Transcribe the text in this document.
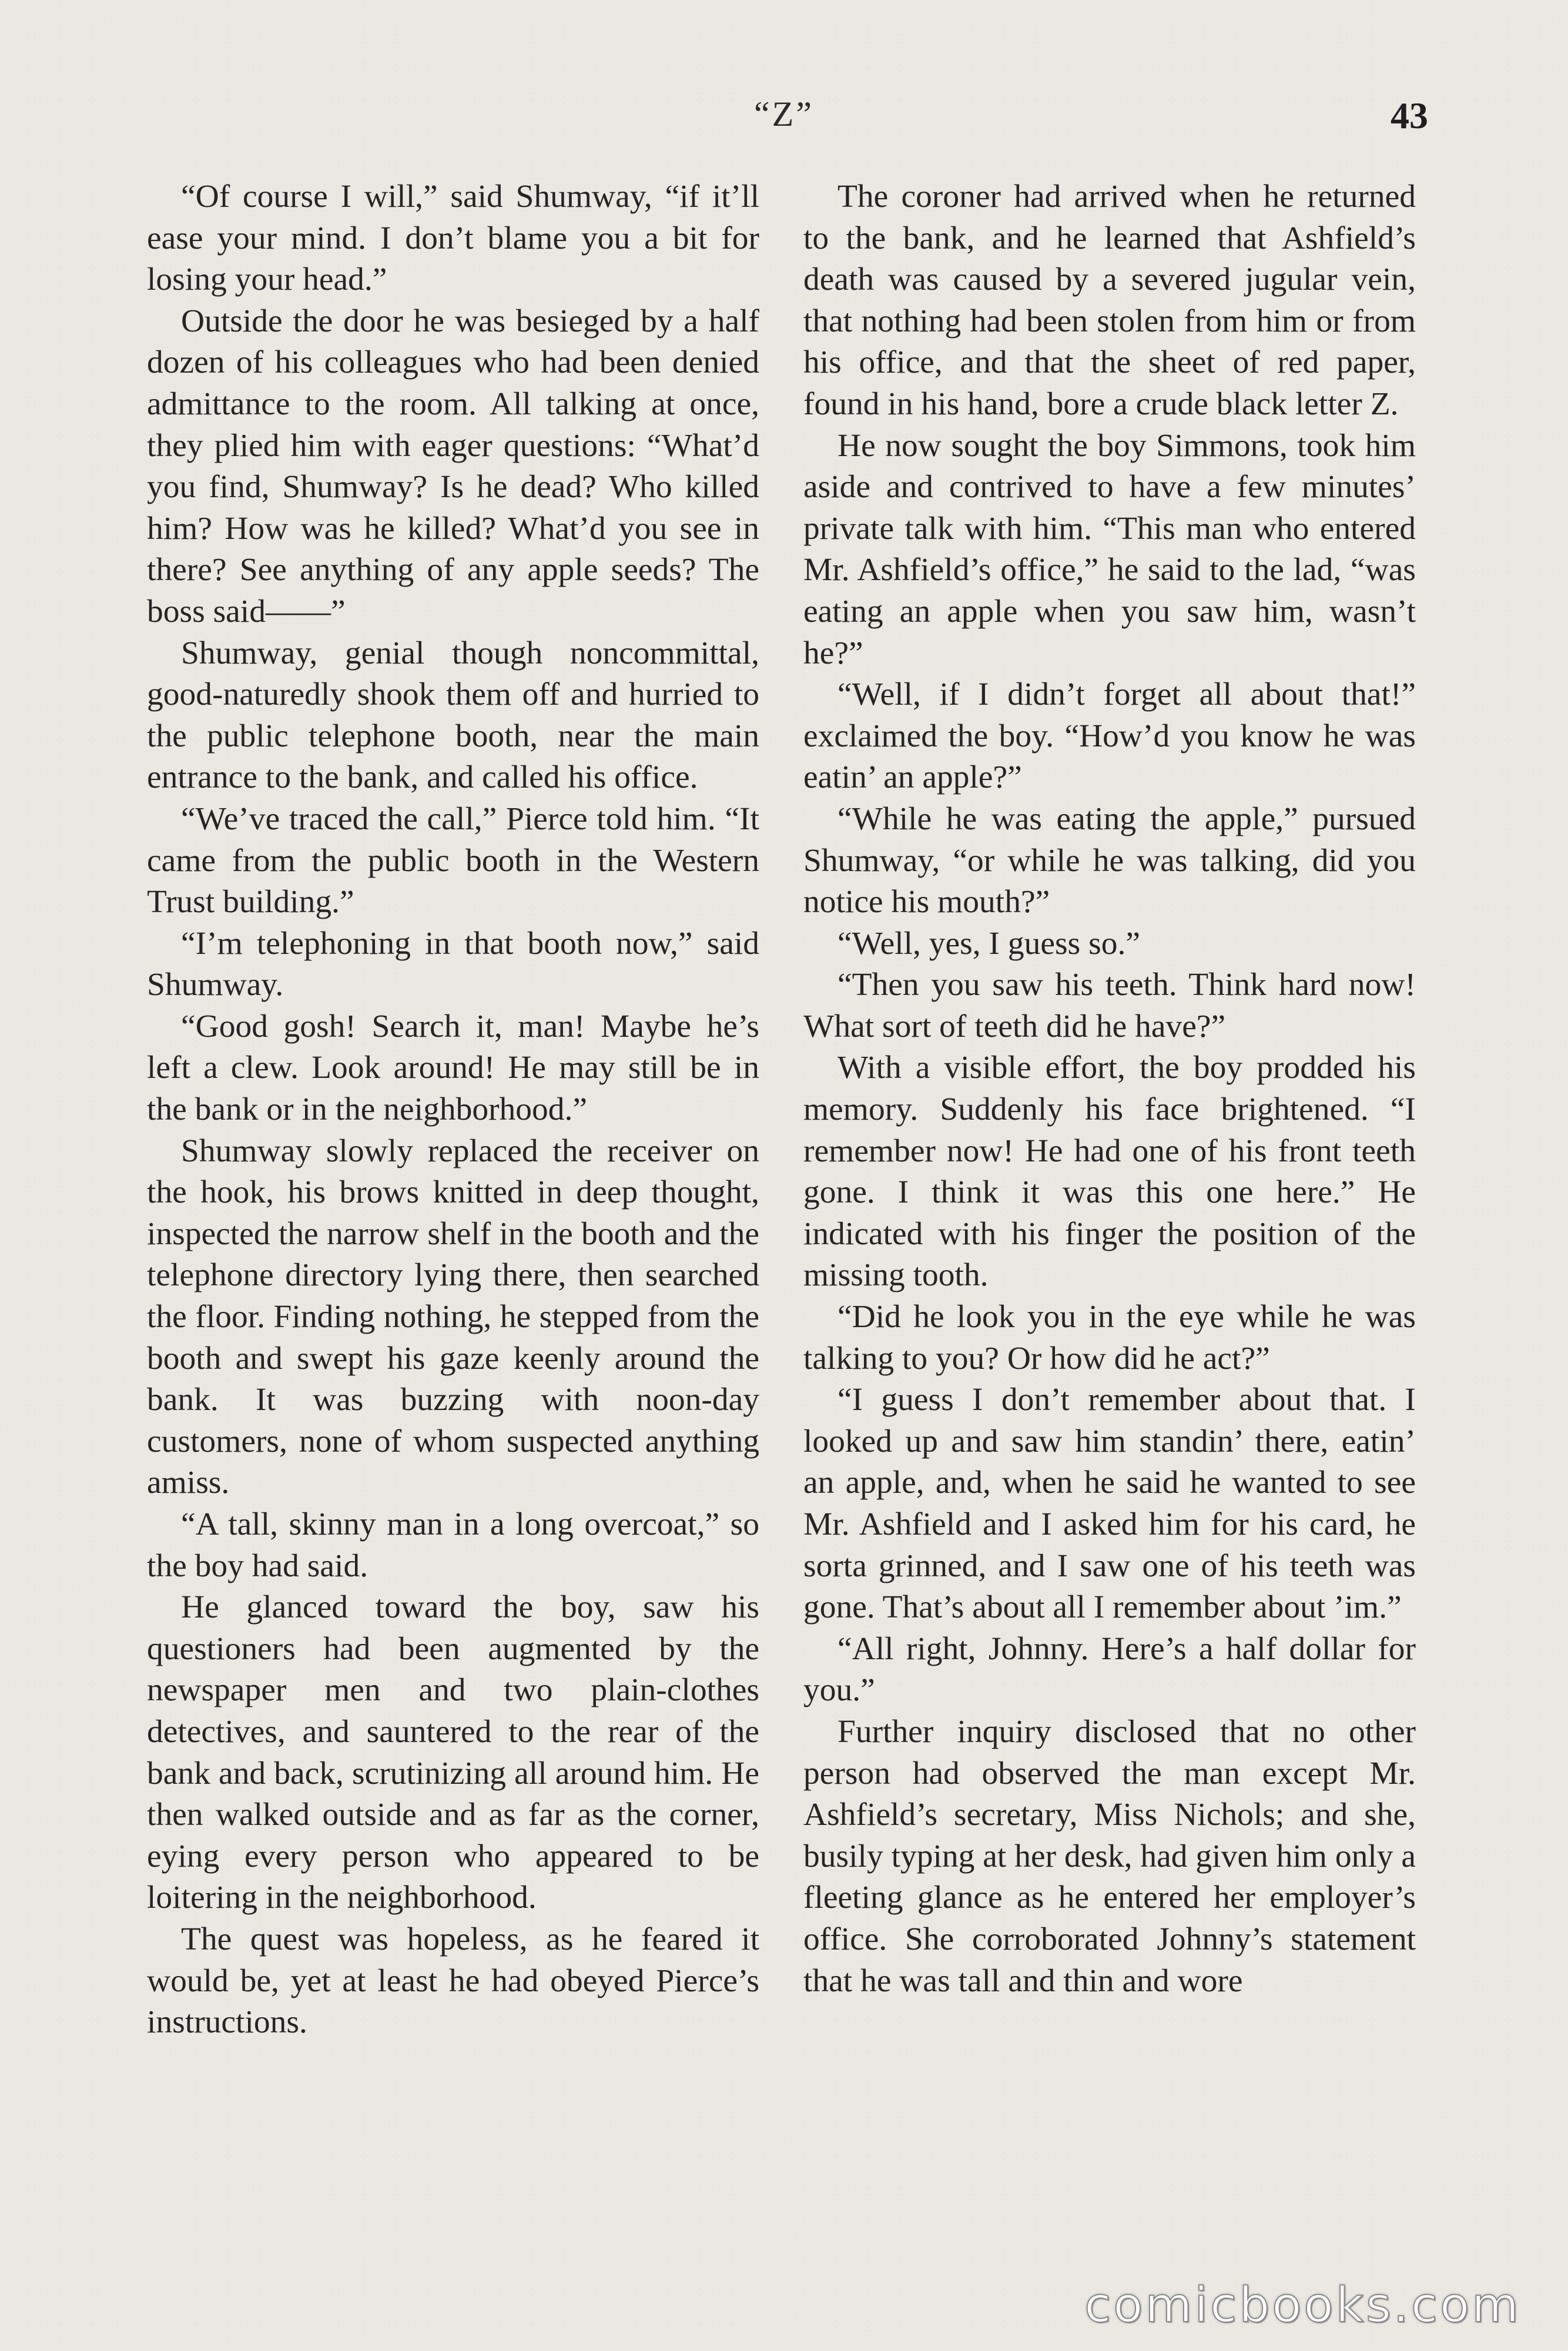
“Z”	43

“Of course I will,” said Shumway, “if it’ll ease your mind. I don’t blame you a bit for losing your head.”

Outside the door he was besieged by a half dozen of his colleagues who had been denied admittance to the room. All talking at once, they plied him with eager questions: “What’d you find, Shumway? Is he dead? Who killed him? How was he killed? What’d you see in there? See anything of any apple seeds? The boss said——”

Shumway, genial though noncommittal, good-naturedly shook them off and hurried to the public telephone booth, near the main entrance to the bank, and called his office.

“We’ve traced the call,” Pierce told him. “It came from the public booth in the Western Trust building.”

“I’m telephoning in that booth now,” said Shumway.

“Good gosh! Search it, man! Maybe he’s left a clew. Look around! He may still be in the bank or in the neighborhood.”

Shumway slowly replaced the receiver on the hook, his brows knitted in deep thought, inspected the narrow shelf in the booth and the telephone directory lying there, then searched the floor. Finding nothing, he stepped from the booth and swept his gaze keenly around the bank. It was buzzing with noon-day customers, none of whom suspected anything amiss.

“A tall, skinny man in a long overcoat,” so the boy had said.

He glanced toward the boy, saw his questioners had been augmented by the newspaper men and two plain-clothes detectives, and sauntered to the rear of the bank and back, scrutinizing all around him. He then walked outside and as far as the corner, eying every person who appeared to be loitering in the neighborhood.

The quest was hopeless, as he feared it would be, yet at least he had obeyed Pierce’s instructions.

The coroner had arrived when he returned to the bank, and he learned that Ashfield’s death was caused by a severed jugular vein, that nothing had been stolen from him or from his office, and that the sheet of red paper, found in his hand, bore a crude black letter Z.

He now sought the boy Simmons, took him aside and contrived to have a few minutes’ private talk with him. “This man who entered Mr. Ashfield’s office,” he said to the lad, “was eating an apple when you saw him, wasn’t he?”

“Well, if I didn’t forget all about that!” exclaimed the boy. “How’d you know he was eatin’ an apple?”

“While he was eating the apple,” pursued Shumway, “or while he was talking, did you notice his mouth?”

“Well, yes, I guess so.”

“Then you saw his teeth. Think hard now! What sort of teeth did he have?”

With a visible effort, the boy prodded his memory. Suddenly his face brightened. “I remember now! He had one of his front teeth gone. I think it was this one here.” He indicated with his finger the position of the missing tooth.

“Did he look you in the eye while he was talking to you? Or how did he act?”

“I guess I don’t remember about that. I looked up and saw him standin’ there, eatin’ an apple, and, when he said he wanted to see Mr. Ashfield and I asked him for his card, he sorta grinned, and I saw one of his teeth was gone. That’s about all I remember about ’im.”

“All right, Johnny. Here’s a half dollar for you.”

Further inquiry disclosed that no other person had observed the man except Mr. Ashfield’s secretary, Miss Nichols; and she, busily typing at her desk, had given him only a fleeting glance as he entered her employer’s office. She corroborated Johnny’s statement that he was tall and thin and wore

comicbooks.com
